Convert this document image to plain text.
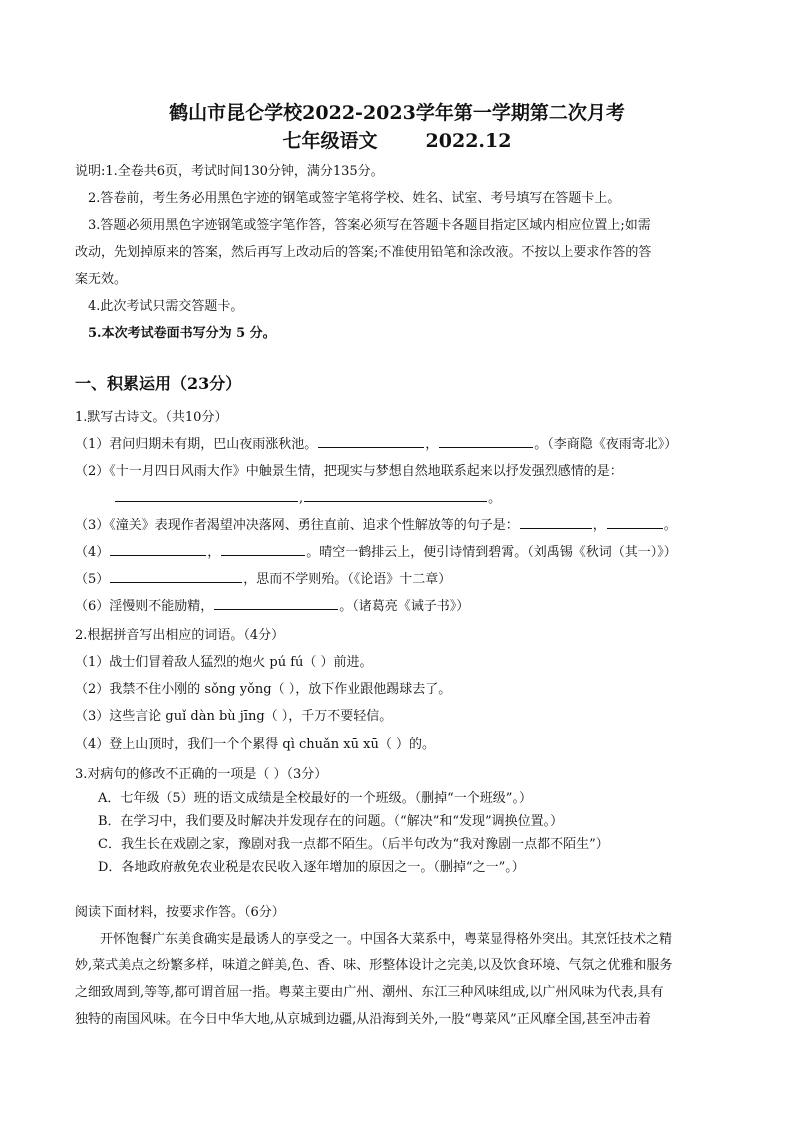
鹤山市昆仑学校2022-2023学年第一学期第二次月考
七年级语文	2022.12
说明:1.全卷共6页，考试时间130分钟，满分135分。
2.答卷前，考生务必用黑色字迹的钢笔或签字笔将学校、姓名、试室、考号填写在答题卡上。
3.答题必须用黑色字迹钢笔或签字笔作答，答案必须写在答题卡各题目指定区域内相应位置上;如需
改动，先划掉原来的答案，然后再写上改动后的答案;不准使用铅笔和涂改液。不按以上要求作答的答
案无效。
4.此次考试只需交答题卡。
5.本次考试卷面书写分为 5 分。
一、积累运用（23分）
1.默写古诗文。（共10分）
（1）君问归期未有期，巴山夜雨涨秋池。	，	。（李商隐《夜雨寄北》）
（2）《十一月四日风雨大作》中触景生情，把现实与梦想自然地联系起来以抒发强烈感情的是：
,	。
（3）《潼关》表现作者渴望冲决落网、勇往直前、追求个性解放等的句子是：	，	。
（4）	，	。晴空一鹤排云上，便引诗情到碧霄。（刘禹锡《秋词（其一）》）
（5）	，思而不学则殆。（《论语》十二章）
（6）淫慢则不能励精，	。（诸葛亮《诫子书》）
2.根据拼音写出相应的词语。（4分）
（1）战士们冒着敌人猛烈的炮火 pú fú（ ）前进。
（2）我禁不住小刚的 sǒng yǒng（ ），放下作业跟他踢球去了。
（3）这些言论 guǐ dàn bù jīng（ ），千万不要轻信。
（4）登上山顶时，我们一个个累得 qì chuǎn xū xū（ ）的。
3.对病句的修改不正确的一项是（ ）（3分）
A．七年级（5）班的语文成绩是全校最好的一个班级。（删掉“一个班级”。）
B．在学习中，我们要及时解决并发现存在的问题。（“解决”和“发现”调换位置。）
C．我生长在戏剧之家，豫剧对我一点都不陌生。（后半句改为“我对豫剧一点都不陌生”）
D．各地政府赦免农业税是农民收入逐年增加的原因之一。（删掉“之一”。）
阅读下面材料，按要求作答。（6分）
开怀饱餐广东美食确实是最诱人的享受之一。中国各大菜系中，粤菜显得格外突出。其烹饪技术之精
妙,菜式美点之纷繁多样，味道之鲜美,色、香、味、形整体设计之完美,以及饮食环境、气氛之优雅和服务
之细致周到,等等,都可谓首屈一指。粤菜主要由广州、潮州、东江三种风味组成,以广州风味为代表,具有
独特的南国风味。在今日中华大地,从京城到边疆,从沿海到关外,一股“粤菜风”正风靡全国,甚至冲击着
